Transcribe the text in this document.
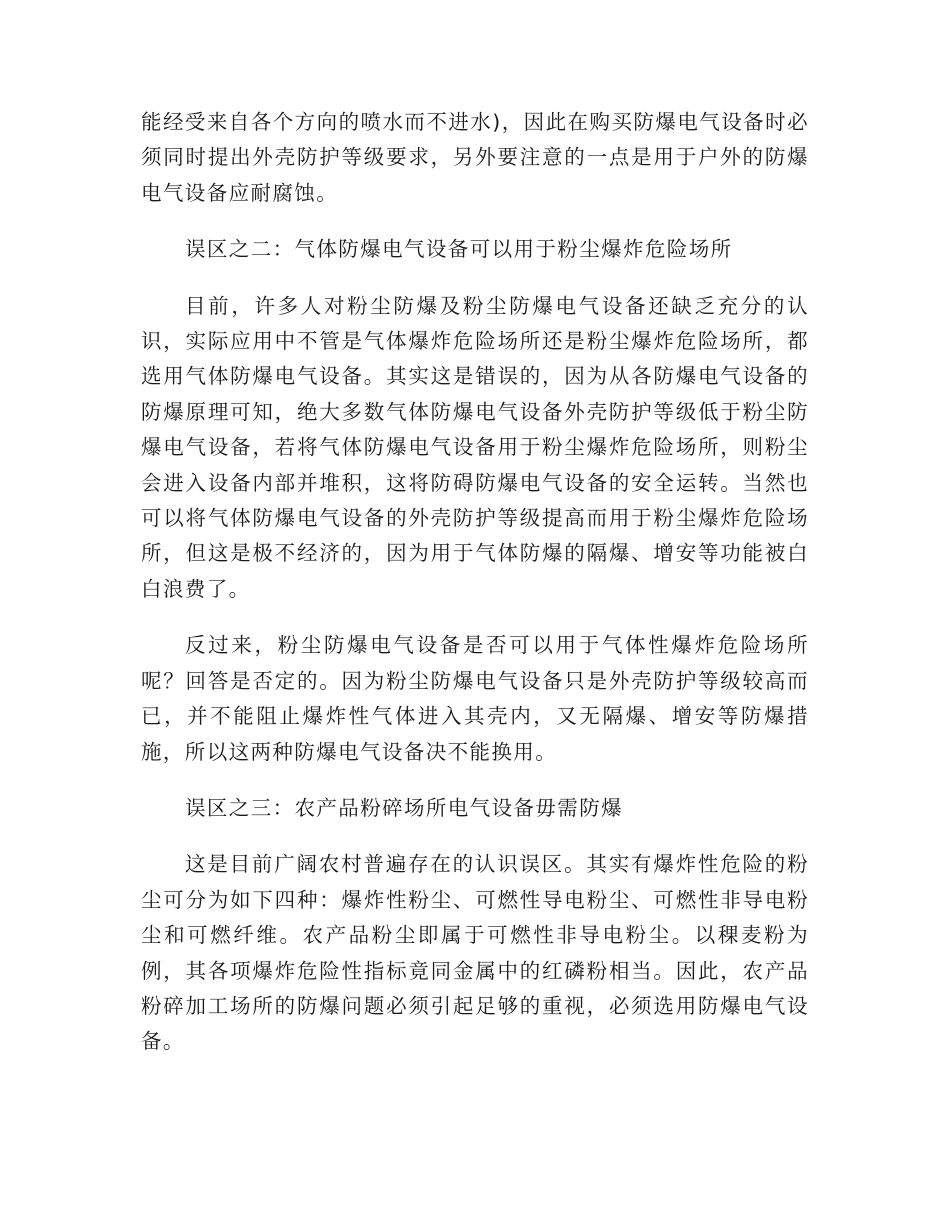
能经受来自各个方向的喷水而不进水)，因此在购买防爆电气设备时必须同时提出外壳防护等级要求，另外要注意的一点是用于户外的防爆电气设备应耐腐蚀。

误区之二：气体防爆电气设备可以用于粉尘爆炸危险场所

目前，许多人对粉尘防爆及粉尘防爆电气设备还缺乏充分的认识，实际应用中不管是气体爆炸危险场所还是粉尘爆炸危险场所，都选用气体防爆电气设备。其实这是错误的，因为从各防爆电气设备的防爆原理可知，绝大多数气体防爆电气设备外壳防护等级低于粉尘防爆电气设备，若将气体防爆电气设备用于粉尘爆炸危险场所，则粉尘会进入设备内部并堆积，这将防碍防爆电气设备的安全运转。当然也可以将气体防爆电气设备的外壳防护等级提高而用于粉尘爆炸危险场所，但这是极不经济的，因为用于气体防爆的隔爆、增安等功能被白白浪费了。

反过来，粉尘防爆电气设备是否可以用于气体性爆炸危险场所呢？回答是否定的。因为粉尘防爆电气设备只是外壳防护等级较高而已，并不能阻止爆炸性气体进入其壳内，又无隔爆、增安等防爆措施，所以这两种防爆电气设备决不能换用。

误区之三：农产品粉碎场所电气设备毋需防爆

这是目前广阔农村普遍存在的认识误区。其实有爆炸性危险的粉尘可分为如下四种：爆炸性粉尘、可燃性导电粉尘、可燃性非导电粉尘和可燃纤维。农产品粉尘即属于可燃性非导电粉尘。以稞麦粉为例，其各项爆炸危险性指标竟同金属中的红磷粉相当。因此，农产品粉碎加工场所的防爆问题必须引起足够的重视，必须选用防爆电气设备。
